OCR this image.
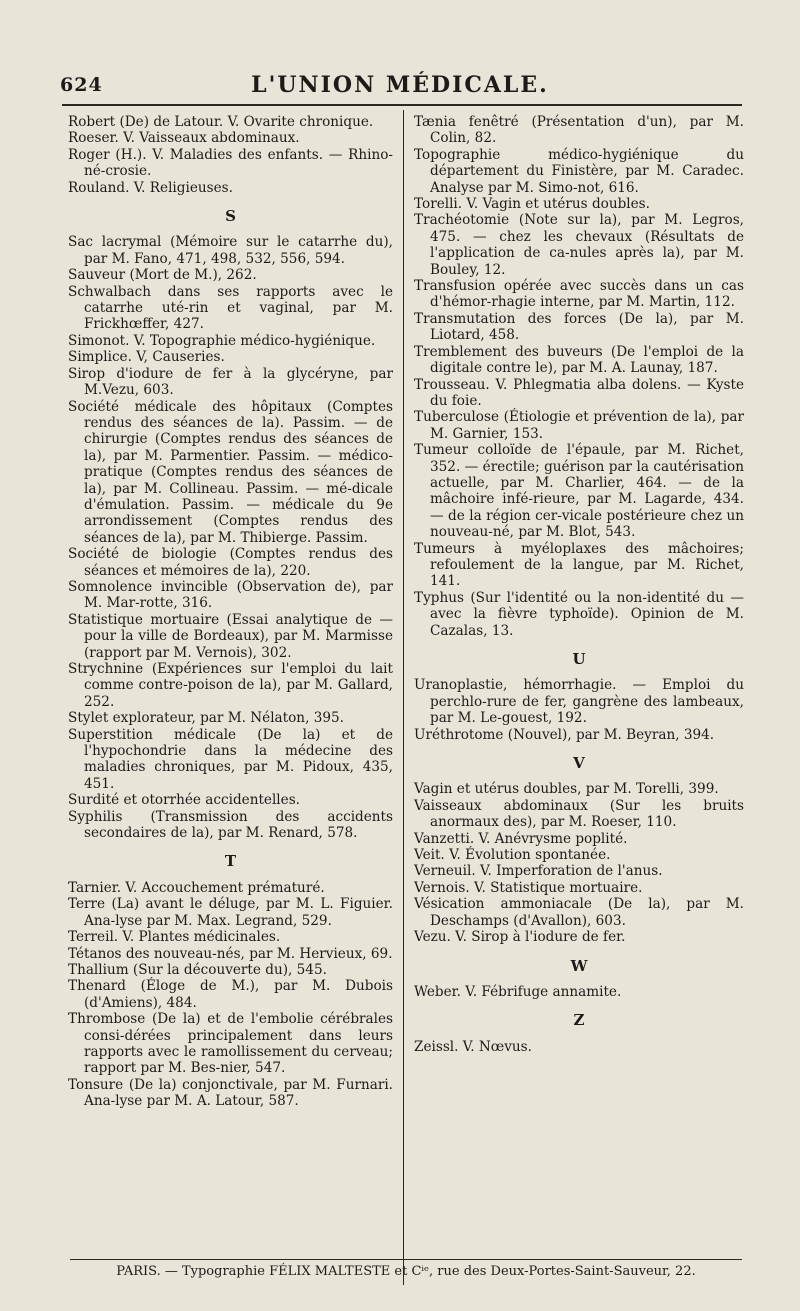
624	L'UNION MÉDICALE.
Robert (De) de Latour. V. Ovarite chronique.
Roeser. V. Vaisseaux abdominaux.
Roger (H.). V. Maladies des enfants. — Rhino-né-crosie.
Rouland. V. Religieuses.
S
Sac lacrymal (Mémoire sur le catarrhe du), par M. Fano, 471, 498, 532, 556, 594.
Sauveur (Mort de M.), 262.
Schwalbach dans ses rapports avec le catarrhe uté-rin et vaginal, par M. Frickhœffer, 427.
Simonot. V. Topographie médico-hygiénique.
Simplice. V, Causeries.
Sirop d'iodure de fer à la glycéryne, par M.Vezu, 603.
Société médicale des hôpitaux (Comptes rendus des séances de la). Passim. — de chirurgie (Comptes rendus des séances de la), par M. Parmentier. Passim. — médico-pratique (Comptes rendus des séances de la), par M. Collineau. Passim. — mé-dicale d'émulation. Passim. — médicale du 9e arrondissement (Comptes rendus des séances de la), par M. Thibierge. Passim.
Société de biologie (Comptes rendus des séances et mémoires de la), 220.
Somnolence invincible (Observation de), par M. Mar-rotte, 316.
Statistique mortuaire (Essai analytique de — pour la ville de Bordeaux), par M. Marmisse (rapport par M. Vernois), 302.
Strychnine (Expériences sur l'emploi du lait comme contre-poison de la), par M. Gallard, 252.
Stylet explorateur, par M. Nélaton, 395.
Superstition médicale (De la) et de l'hypochondrie dans la médecine des maladies chroniques, par M. Pidoux, 435, 451.
Surdité et otorrhée accidentelles.
Syphilis (Transmission des accidents secondaires de la), par M. Renard, 578.
T
Tarnier. V. Accouchement prématuré.
Terre (La) avant le déluge, par M. L. Figuier. Ana-lyse par M. Max. Legrand, 529.
Terreil. V. Plantes médicinales.
Tétanos des nouveau-nés, par M. Hervieux, 69.
Thallium (Sur la découverte du), 545.
Thenard (Éloge de M.), par M. Dubois (d'Amiens), 484.
Thrombose (De la) et de l'embolie cérébrales consi-dérées principalement dans leurs rapports avec le ramollissement du cerveau; rapport par M. Bes-nier, 547.
Tonsure (De la) conjonctivale, par M. Furnari. Ana-lyse par M. A. Latour, 587.
Tænia fenêtré (Présentation d'un), par M. Colin, 82.
Topographie médico-hygiénique du département du Finistère, par M. Caradec. Analyse par M. Simo-not, 616.
Torelli. V. Vagin et utérus doubles.
Trachéotomie (Note sur la), par M. Legros, 475. — chez les chevaux (Résultats de l'application de ca-nules après la), par M. Bouley, 12.
Transfusion opérée avec succès dans un cas d'hémor-rhagie interne, par M. Martin, 112.
Transmutation des forces (De la), par M. Liotard, 458.
Tremblement des buveurs (De l'emploi de la digitale contre le), par M. A. Launay, 187.
Trousseau. V. Phlegmatia alba dolens. — Kyste du foie.
Tuberculose (Étiologie et prévention de la), par M. Garnier, 153.
Tumeur colloïde de l'épaule, par M. Richet, 352. — érectile; guérison par la cautérisation actuelle, par M. Charlier, 464. — de la mâchoire infé-rieure, par M. Lagarde, 434. — de la région cer-vicale postérieure chez un nouveau-né, par M. Blot, 543.
Tumeurs à myéloplaxes des mâchoires; refoulement de la langue, par M. Richet, 141.
Typhus (Sur l'identité ou la non-identité du — avec la fièvre typhoïde). Opinion de M. Cazalas, 13.
U
Uranoplastie, hémorrhagie. — Emploi du perchlo-rure de fer, gangrène des lambeaux, par M. Le-gouest, 192.
Uréthrotome (Nouvel), par M. Beyran, 394.
V
Vagin et utérus doubles, par M. Torelli, 399.
Vaisseaux abdominaux (Sur les bruits anormaux des), par M. Roeser, 110.
Vanzetti. V. Anévrysme poplité.
Veit. V. Évolution spontanée.
Verneuil. V. Imperforation de l'anus.
Vernois. V. Statistique mortuaire.
Vésication ammoniacale (De la), par M. Deschamps (d'Avallon), 603.
Vezu. V. Sirop à l'iodure de fer.
W
Weber. V. Fébrifuge annamite.
Z
Zeissl. V. Nœvus.
PARIS. — Typographie FÉLIX MALTESTE et Cⁱᵉ, rue des Deux-Portes-Saint-Sauveur, 22.
